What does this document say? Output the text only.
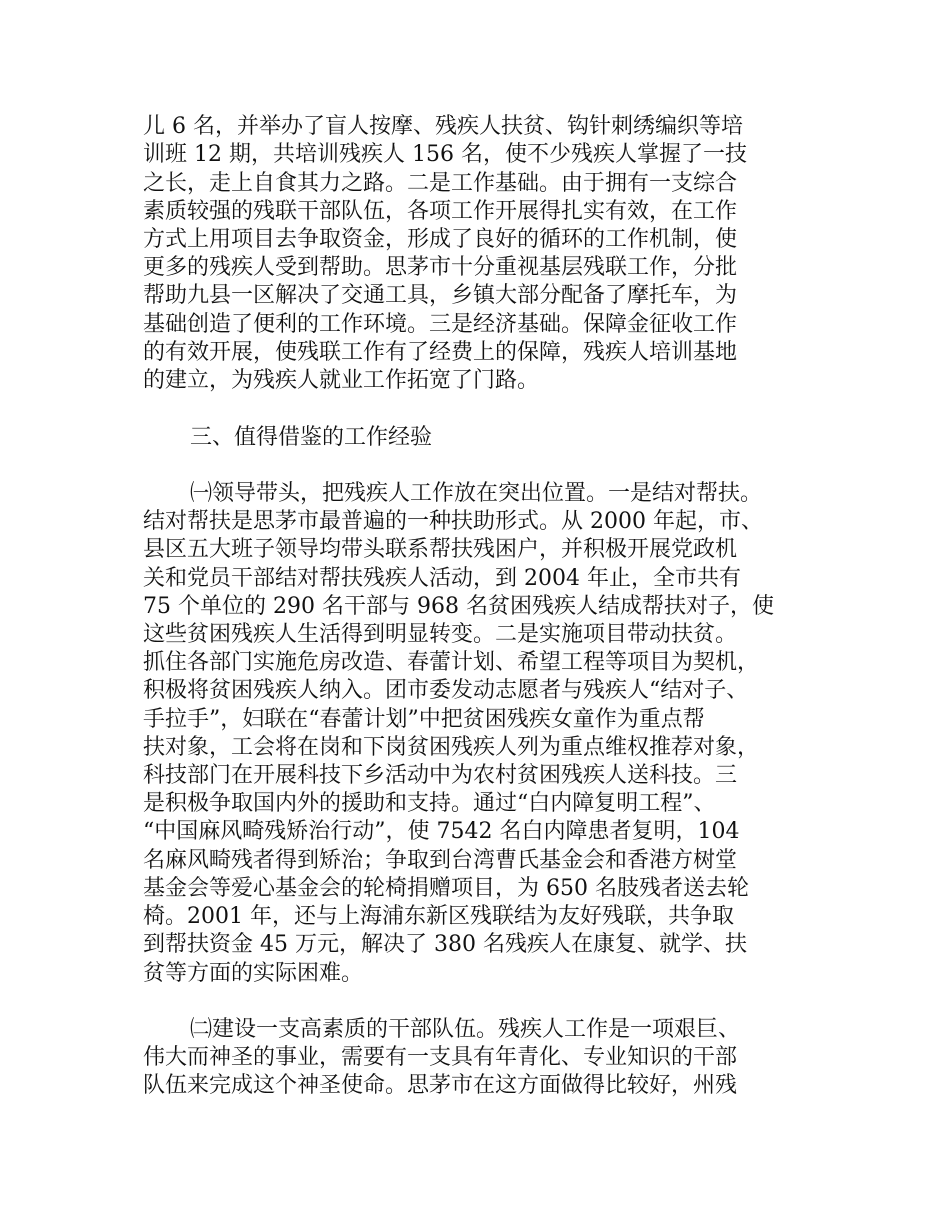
儿 6 名，并举办了盲人按摩、残疾人扶贫、钩针刺绣编织等培
训班 12 期，共培训残疾人 156 名，使不少残疾人掌握了一技
之长，走上自食其力之路。二是工作基础。由于拥有一支综合
素质较强的残联干部队伍，各项工作开展得扎实有效，在工作
方式上用项目去争取资金，形成了良好的循环的工作机制，使
更多的残疾人受到帮助。思茅市十分重视基层残联工作，分批
帮助九县一区解决了交通工具，乡镇大部分配备了摩托车，为
基础创造了便利的工作环境。三是经济基础。保障金征收工作
的有效开展，使残联工作有了经费上的保障，残疾人培训基地
的建立，为残疾人就业工作拓宽了门路。
三、值得借鉴的工作经验
㈠领导带头，把残疾人工作放在突出位置。一是结对帮扶。
结对帮扶是思茅市最普遍的一种扶助形式。从 2000 年起，市、
县区五大班子领导均带头联系帮扶残困户，并积极开展党政机
关和党员干部结对帮扶残疾人活动，到 2004 年止，全市共有
75 个单位的 290 名干部与 968 名贫困残疾人结成帮扶对子，使
这些贫困残疾人生活得到明显转变。二是实施项目带动扶贫。
抓住各部门实施危房改造、春蕾计划、希望工程等项目为契机，
积极将贫困残疾人纳入。团市委发动志愿者与残疾人“结对子、
手拉手”，妇联在“春蕾计划”中把贫困残疾女童作为重点帮
扶对象，工会将在岗和下岗贫困残疾人列为重点维权推荐对象，
科技部门在开展科技下乡活动中为农村贫困残疾人送科技。三
是积极争取国内外的援助和支持。通过“白内障复明工程”、
“中国麻风畸残矫治行动”，使 7542 名白内障患者复明，104
名麻风畸残者得到矫治；争取到台湾曹氏基金会和香港方树堂
基金会等爱心基金会的轮椅捐赠项目，为 650 名肢残者送去轮
椅。2001 年，还与上海浦东新区残联结为友好残联，共争取
到帮扶资金 45 万元，解决了 380 名残疾人在康复、就学、扶
贫等方面的实际困难。
㈡建设一支高素质的干部队伍。残疾人工作是一项艰巨、
伟大而神圣的事业，需要有一支具有年青化、专业知识的干部
队伍来完成这个神圣使命。思茅市在这方面做得比较好，州残
